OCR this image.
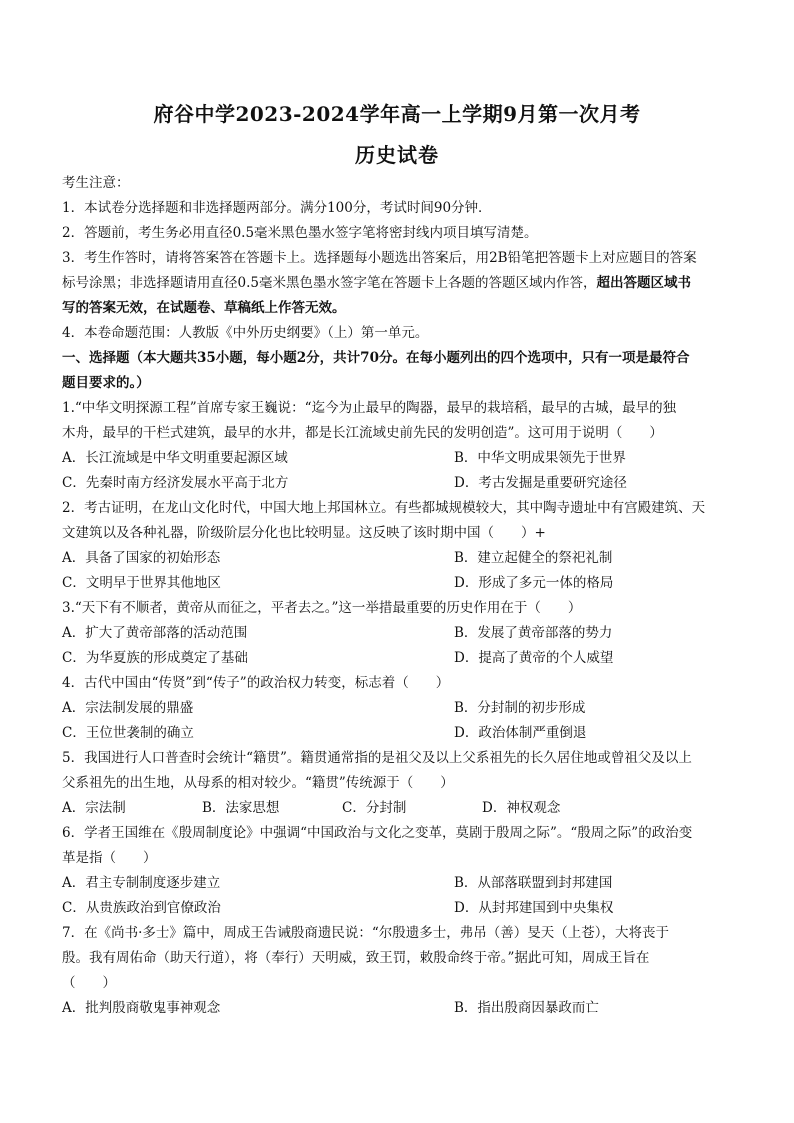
府谷中学2023-2024学年高一上学期9月第一次月考
历史试卷
考生注意：
1．本试卷分选择题和非选择题两部分。满分100分，考试时间90分钟．
2．答题前，考生务必用直径0.5毫米黑色墨水签字笔将密封线内项目填写清楚。
3．考生作答时，请将答案答在答题卡上。选择题每小题选出答案后，用2B铅笔把答题卡上对应题目的答案
标号涂黑；非选择题请用直径0.5毫米黑色墨水签字笔在答题卡上各题的答题区域内作答，超出答题区域书
写的答案无效，在试题卷、草稿纸上作答无效。
4．本卷命题范围：人教版《中外历史纲要》（上）第一单元。
一、选择题（本大题共35小题，每小题2分，共计70分。在每小题列出的四个选项中，只有一项是最符合
题目要求的。）
1.“中华文明探源工程”首席专家王巍说：“迄今为止最早的陶器，最早的栽培稻，最早的古城，最早的独
木舟，最早的干栏式建筑，最早的水井，都是长江流域史前先民的发明创造”。这可用于说明（　　）
A．长江流域是中华文明重要起源区域	B．中华文明成果领先于世界
C．先秦时南方经济发展水平高于北方	D．考古发掘是重要研究途径
2．考古证明，在龙山文化时代，中国大地上邦国林立。有些都城规模较大，其中陶寺遗址中有宫殿建筑、天
文建筑以及各种礼器，阶级阶层分化也比较明显。这反映了该时期中国（　　）+
A．具备了国家的初始形态	B．建立起健全的祭祀礼制
C．文明早于世界其他地区	D．形成了多元一体的格局
3.“天下有不顺者，黄帝从而征之，平者去之。”这一举措最重要的历史作用在于（　　）
A．扩大了黄帝部落的活动范围	B．发展了黄帝部落的势力
C．为华夏族的形成奠定了基础	D．提高了黄帝的个人威望
4．古代中国由“传贤”到“传子”的政治权力转变，标志着（　　）
A．宗法制发展的鼎盛	B．分封制的初步形成
C．王位世袭制的确立	D．政治体制严重倒退
5．我国进行人口普查时会统计“籍贯”。籍贯通常指的是祖父及以上父系祖先的长久居住地或曾祖父及以上
父系祖先的出生地，从母系的相对较少。“籍贯”传统源于（　　）
A．宗法制	B．法家思想	C．分封制	D．神权观念
6．学者王国维在《殷周制度论》中强调“中国政治与文化之变革，莫剧于殷周之际”。“殷周之际”的政治变
革是指（　　）
A．君主专制制度逐步建立	B．从部落联盟到封邦建国
C．从贵族政治到官僚政治	D．从封邦建国到中央集权
7．在《尚书·多士》篇中，周成王告诫殷商遗民说：“尔殷遗多士，弗吊（善）旻天（上苍），大将丧于
殷。我有周佑命（助天行道），将（奉行）天明威，致王罚，敕殷命终于帝。”据此可知，周成王旨在
（　　）
A．批判殷商敬鬼事神观念	B．指出殷商因暴政而亡
